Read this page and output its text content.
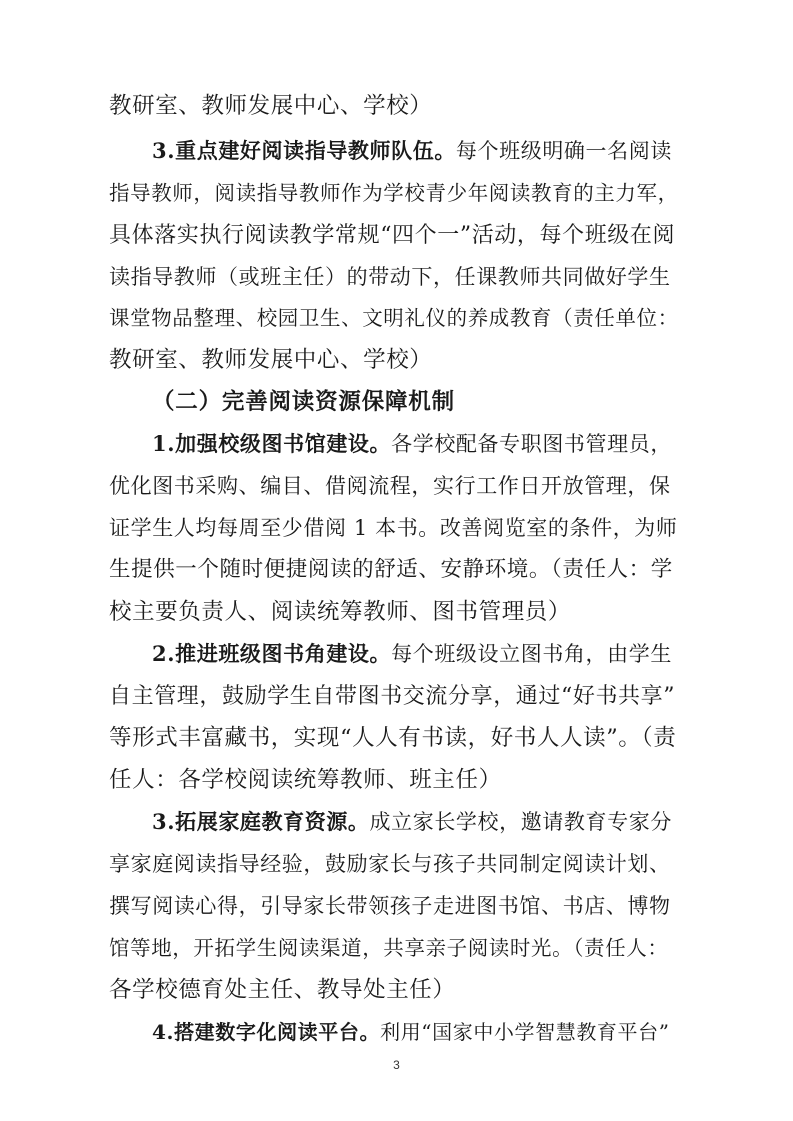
教研室、教师发展中心、学校）
3.重点建好阅读指导教师队伍。每个班级明确一名阅读
指导教师，阅读指导教师作为学校青少年阅读教育的主力军，
具体落实执行阅读教学常规“四个一”活动，每个班级在阅
读指导教师（或班主任）的带动下，任课教师共同做好学生
课堂物品整理、校园卫生、文明礼仪的养成教育（责任单位：
教研室、教师发展中心、学校）
（二）完善阅读资源保障机制
1.加强校级图书馆建设。各学校配备专职图书管理员，
优化图书采购、编目、借阅流程，实行工作日开放管理，保
证学生人均每周至少借阅 1 本书。改善阅览室的条件，为师
生提供一个随时便捷阅读的舒适、安静环境。（责任人：学
校主要负责人、阅读统筹教师、图书管理员）
2.推进班级图书角建设。每个班级设立图书角，由学生
自主管理，鼓励学生自带图书交流分享，通过“好书共享”
等形式丰富藏书，实现“人人有书读，好书人人读”。（责
任人：各学校阅读统筹教师、班主任）
3.拓展家庭教育资源。成立家长学校，邀请教育专家分
享家庭阅读指导经验，鼓励家长与孩子共同制定阅读计划、
撰写阅读心得，引导家长带领孩子走进图书馆、书店、博物
馆等地，开拓学生阅读渠道，共享亲子阅读时光。（责任人：
各学校德育处主任、教导处主任）
4.搭建数字化阅读平台。利用“国家中小学智慧教育平台”
3
